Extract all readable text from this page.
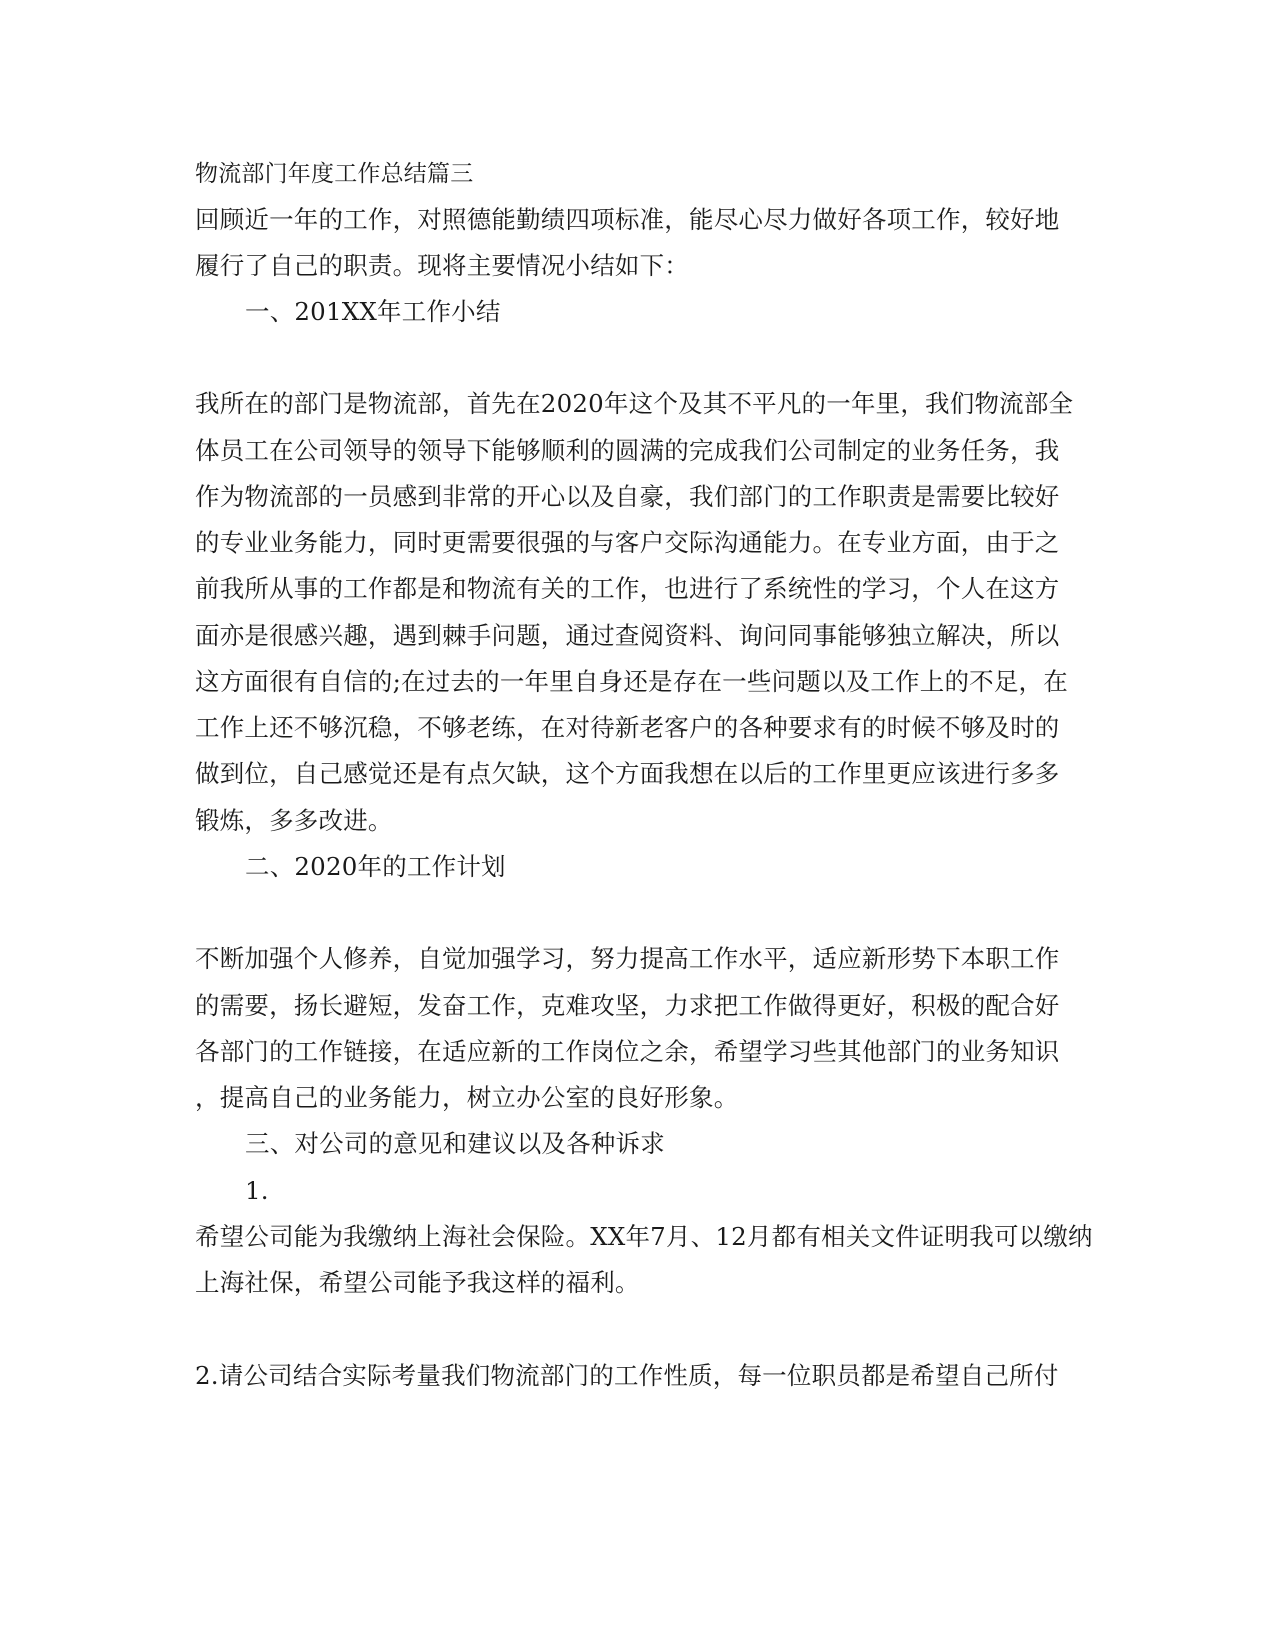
物流部门年度工作总结篇三
回顾近一年的工作，对照德能勤绩四项标准，能尽心尽力做好各项工作，较好地
履行了自己的职责。现将主要情况小结如下：
一、201XX年工作小结
我所在的部门是物流部，首先在2020年这个及其不平凡的一年里，我们物流部全
体员工在公司领导的领导下能够顺利的圆满的完成我们公司制定的业务任务，我
作为物流部的一员感到非常的开心以及自豪，我们部门的工作职责是需要比较好
的专业业务能力，同时更需要很强的与客户交际沟通能力。在专业方面，由于之
前我所从事的工作都是和物流有关的工作，也进行了系统性的学习，个人在这方
面亦是很感兴趣，遇到棘手问题，通过查阅资料、询问同事能够独立解决，所以
这方面很有自信的;在过去的一年里自身还是存在一些问题以及工作上的不足，在
工作上还不够沉稳，不够老练，在对待新老客户的各种要求有的时候不够及时的
做到位，自己感觉还是有点欠缺，这个方面我想在以后的工作里更应该进行多多
锻炼，多多改进。
二、2020年的工作计划
不断加强个人修养，自觉加强学习，努力提高工作水平，适应新形势下本职工作
的需要，扬长避短，发奋工作，克难攻坚，力求把工作做得更好，积极的配合好
各部门的工作链接，在适应新的工作岗位之余，希望学习些其他部门的业务知识
，提高自己的业务能力，树立办公室的良好形象。
三、对公司的意见和建议以及各种诉求
1.
希望公司能为我缴纳上海社会保险。XX年7月、12月都有相关文件证明我可以缴纳
上海社保，希望公司能予我这样的福利。
2.请公司结合实际考量我们物流部门的工作性质，每一位职员都是希望自己所付
